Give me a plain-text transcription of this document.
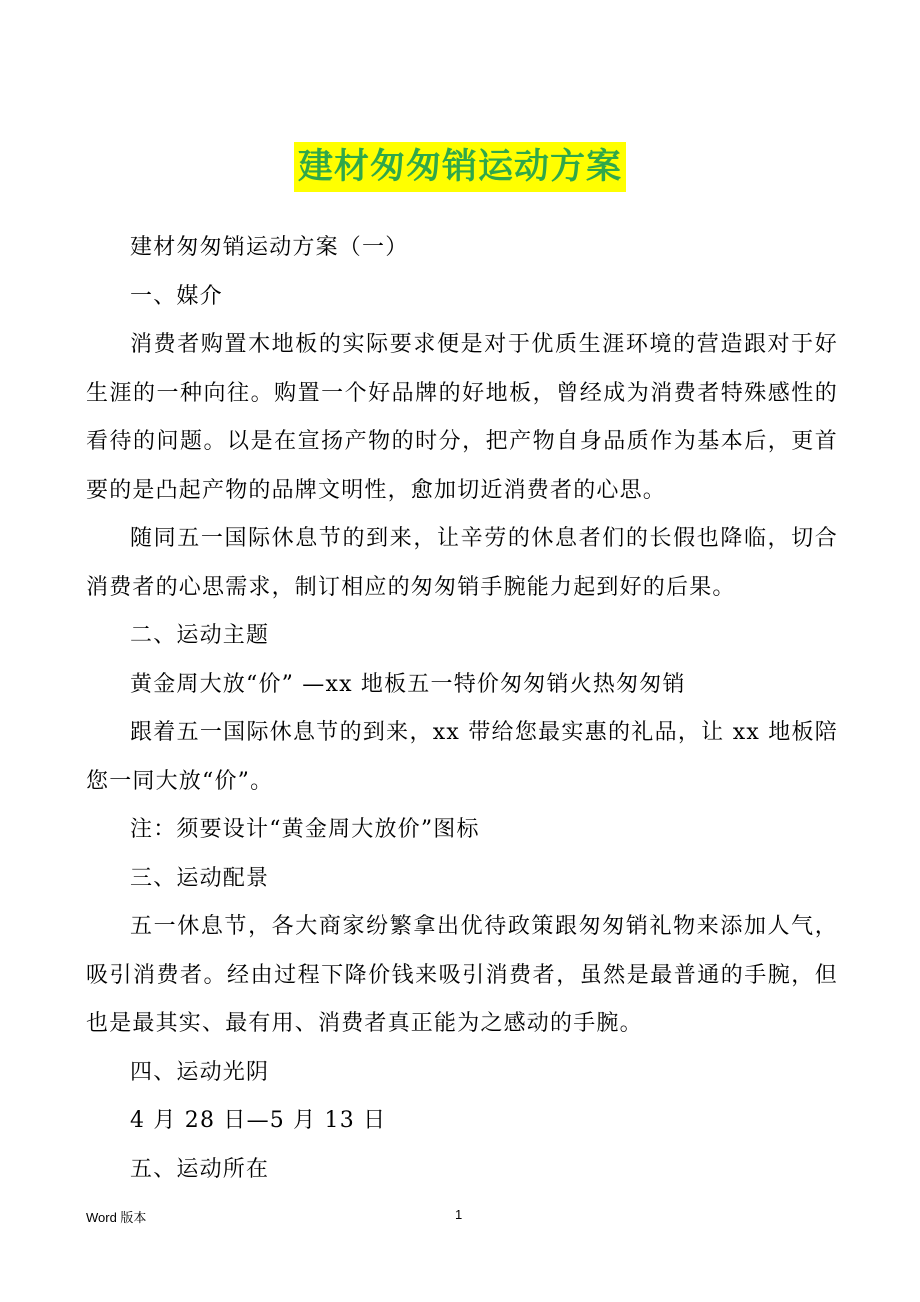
建材匆匆销运动方案

建材匆匆销运动方案（一）

一、媒介

消费者购置木地板的实际要求便是对于优质生涯环境的营造跟对于好生涯的一种向往。购置一个好品牌的好地板，曾经成为消费者特殊感性的看待的问题。以是在宣扬产物的时分，把产物自身品质作为基本后，更首要的是凸起产物的品牌文明性，愈加切近消费者的心思。

随同五一国际休息节的到来，让辛劳的休息者们的长假也降临，切合消费者的心思需求，制订相应的匆匆销手腕能力起到好的后果。

二、运动主题

黄金周大放“价” —xx 地板五一特价匆匆销火热匆匆销

跟着五一国际休息节的到来，xx 带给您最实惠的礼品，让 xx 地板陪您一同大放“价”。

注：须要设计“黄金周大放价”图标

三、运动配景

五一休息节，各大商家纷繁拿出优待政策跟匆匆销礼物来添加人气，吸引消费者。经由过程下降价钱来吸引消费者，虽然是最普通的手腕，但也是最其实、最有用、消费者真正能为之感动的手腕。

四、运动光阴

4 月 28 日—5 月 13 日

五、运动所在

Word 版本	1
